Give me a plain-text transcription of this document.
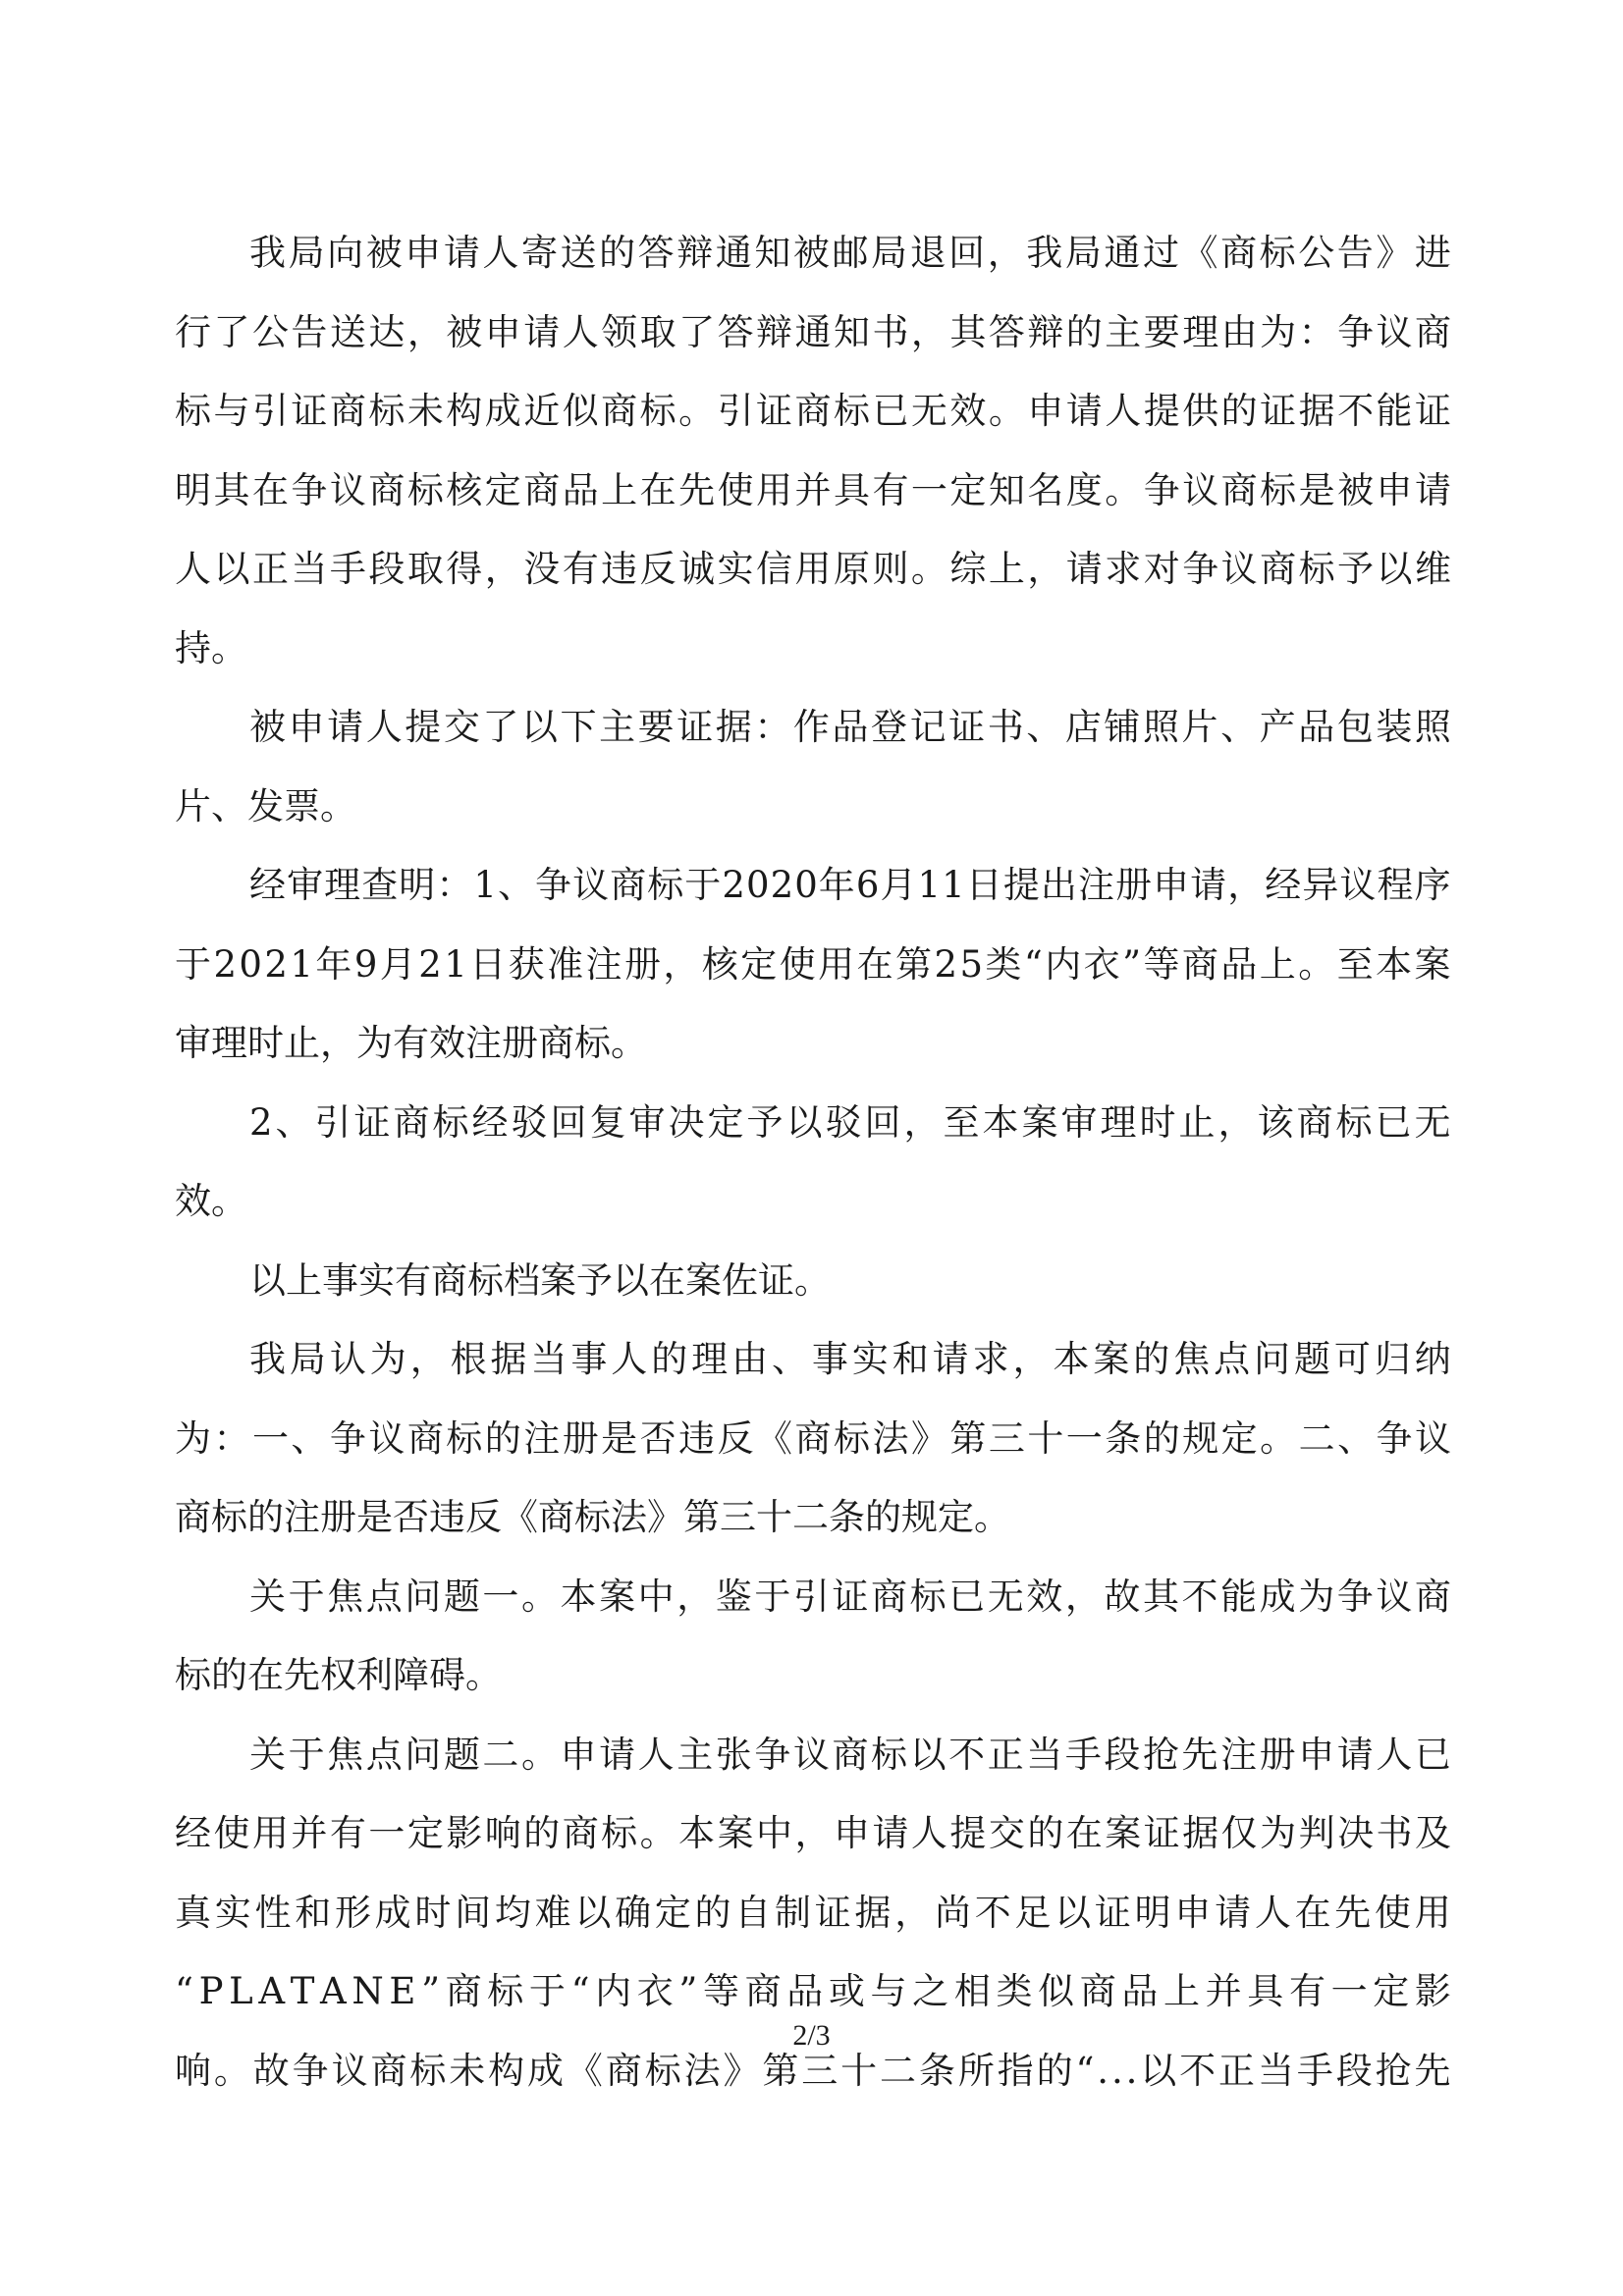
我 局 向 被 申 请 人 寄 送 的 答 辩 通 知 被 邮 局 退 回 ， 我 局 通 过 《 商 标 公 告 》 进
行 了 公 告 送 达 ， 被 申 请 人 领 取 了 答 辩 通 知 书 ， 其 答 辩 的 主 要 理 由 为 ： 争 议 商
标 与 引 证 商 标 未 构 成 近 似 商 标 。 引 证 商 标 已 无 效 。 申 请 人 提 供 的 证 据 不 能 证
明 其 在 争 议 商 标 核 定 商 品 上 在 先 使 用 并 具 有 一 定 知 名 度 。 争 议 商 标 是 被 申 请
人 以 正 当 手 段 取 得 ， 没 有 违 反 诚 实 信 用 原 则 。 综 上 ， 请 求 对 争 议 商 标 予 以 维
持。
被 申 请 人 提 交 了 以 下 主 要 证 据 ： 作 品 登 记 证 书 、 店 铺 照 片 、 产 品 包 装 照
片、发票。
经 审 理 查 明 ： 1 、 争 议 商 标 于 2 0 2 0 年 6 月 1 1 日 提 出 注 册 申 请 ， 经 异 议 程 序
于 2 0 2 1 年 9 月 2 1 日 获 准 注 册 ， 核 定 使 用 在 第 2 5 类 “ 内 衣 ” 等 商 品 上 。 至 本 案
审理时止，为有效注册商标。
2 、 引 证 商 标 经 驳 回 复 审 决 定 予 以 驳 回 ， 至 本 案 审 理 时 止 ， 该 商 标 已 无
效。
以上事实有商标档案予以在案佐证。
我 局 认 为 ， 根 据 当 事 人 的 理 由 、 事 实 和 请 求 ， 本 案 的 焦 点 问 题 可 归 纳
为 ： 一 、 争 议 商 标 的 注 册 是 否 违 反 《 商 标 法 》 第 三 十 一 条 的 规 定 。 二 、 争 议
商标的注册是否违反《商标法》第三十二条的规定。
关 于 焦 点 问 题 一 。 本 案 中 ， 鉴 于 引 证 商 标 已 无 效 ， 故 其 不 能 成 为 争 议 商
标的在先权利障碍。
关 于 焦 点 问 题 二 。 申 请 人 主 张 争 议 商 标 以 不 正 当 手 段 抢 先 注 册 申 请 人 已
经 使 用 并 有 一 定 影 响 的 商 标 。 本 案 中 ， 申 请 人 提 交 的 在 案 证 据 仅 为 判 决 书 及
真 实 性 和 形 成 时 间 均 难 以 确 定 的 自 制 证 据 ， 尚 不 足 以 证 明 申 请 人 在 先 使 用
“ P L A T A N E ” 商 标 于 “ 内 衣 ” 等 商 品 或 与 之 相 类 似 商 品 上 并 具 有 一 定 影
响 。 故 争 议 商 标 未 构 成 《 商 标 法 》 第 三 十 二 条 所 指 的 “ . . . 以 不 正 当 手 段 抢 先
2/3
